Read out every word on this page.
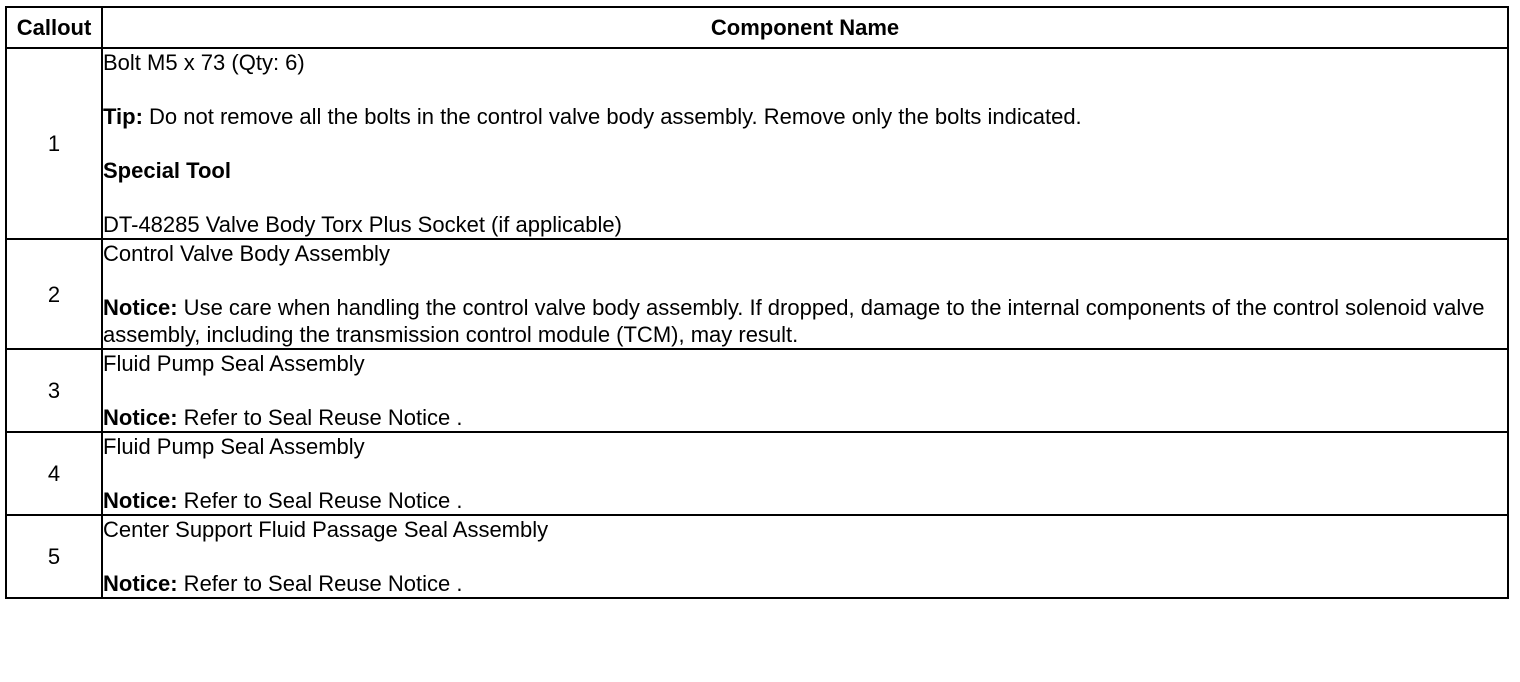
Callout	Component Name
1	Bolt M5 x 73 (Qty: 6)
Tip: Do not remove all the bolts in the control valve body assembly. Remove only the bolts indicated.
Special Tool
DT-48285 Valve Body Torx Plus Socket (if applicable)

2	Control Valve Body Assembly
Notice: Use care when handling the control valve body assembly. If dropped, damage to the internal components of the control solenoid valve assembly, including the transmission control module (TCM), may result.

3	Fluid Pump Seal Assembly
Notice: Refer to Seal Reuse Notice .

4	Fluid Pump Seal Assembly
Notice: Refer to Seal Reuse Notice .

5	Center Support Fluid Passage Seal Assembly
Notice: Refer to Seal Reuse Notice .
